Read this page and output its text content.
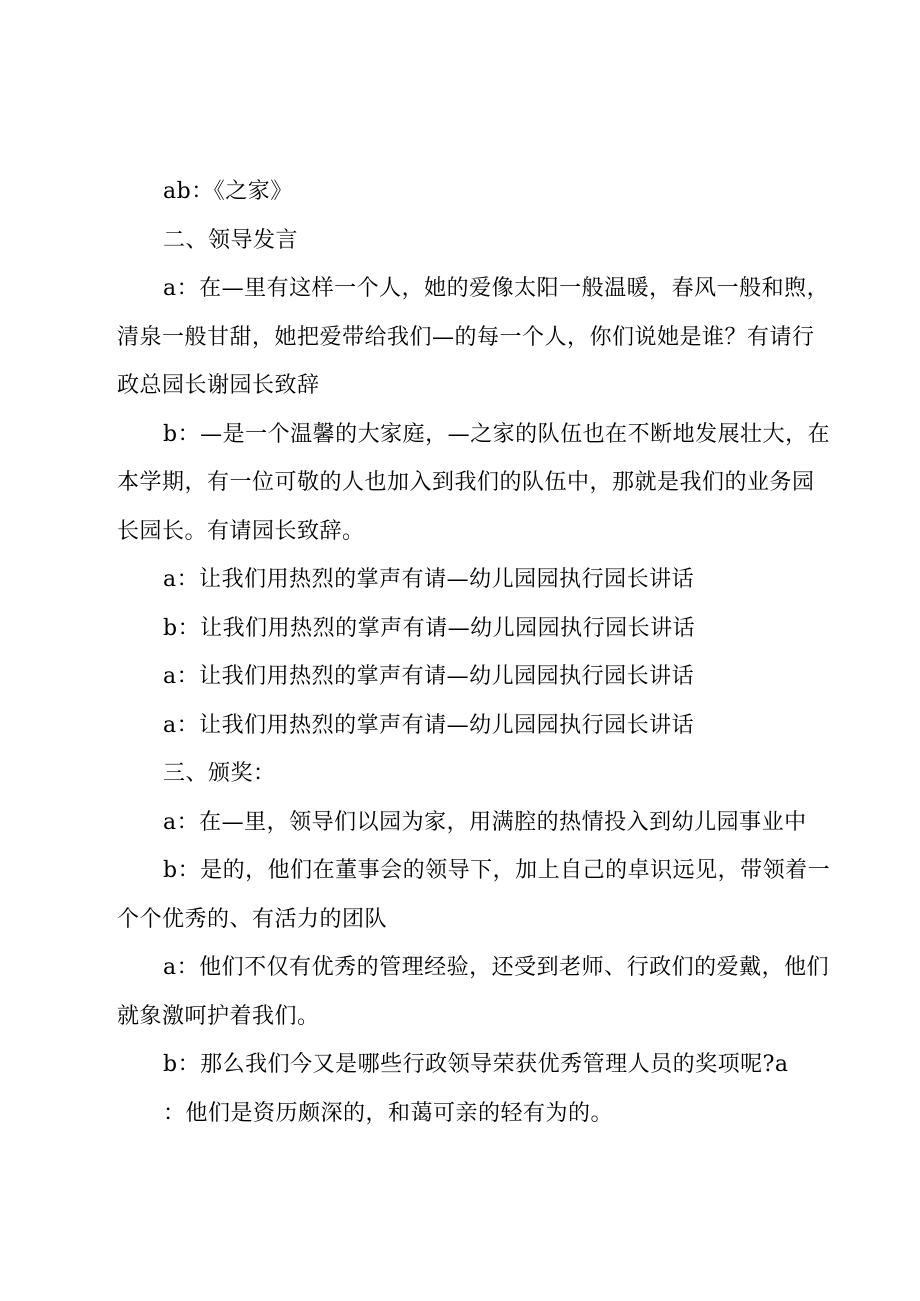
ab：《之家》

二、领导发言

a：在—里有这样一个人，她的爱像太阳一般温暖，春风一般和煦，清泉一般甘甜，她把爱带给我们—的每一个人，你们说她是谁？有请行政总园长谢园长致辞

b：—是一个温馨的大家庭，—之家的队伍也在不断地发展壮大，在本学期，有一位可敬的人也加入到我们的队伍中，那就是我们的业务园长园长。有请园长致辞。

a：让我们用热烈的掌声有请—幼儿园园执行园长讲话

b：让我们用热烈的掌声有请—幼儿园园执行园长讲话

a：让我们用热烈的掌声有请—幼儿园园执行园长讲话

a：让我们用热烈的掌声有请—幼儿园园执行园长讲话

三、颁奖：

a：在—里，领导们以园为家，用满腔的热情投入到幼儿园事业中

b：是的，他们在董事会的领导下，加上自己的卓识远见，带领着一个个优秀的、有活力的团队

a：他们不仅有优秀的管理经验，还受到老师、行政们的爱戴，他们就象激呵护着我们。

b：那么我们今又是哪些行政领导荣获优秀管理人员的奖项呢?a

：他们是资历颇深的，和蔼可亲的轻有为的。
